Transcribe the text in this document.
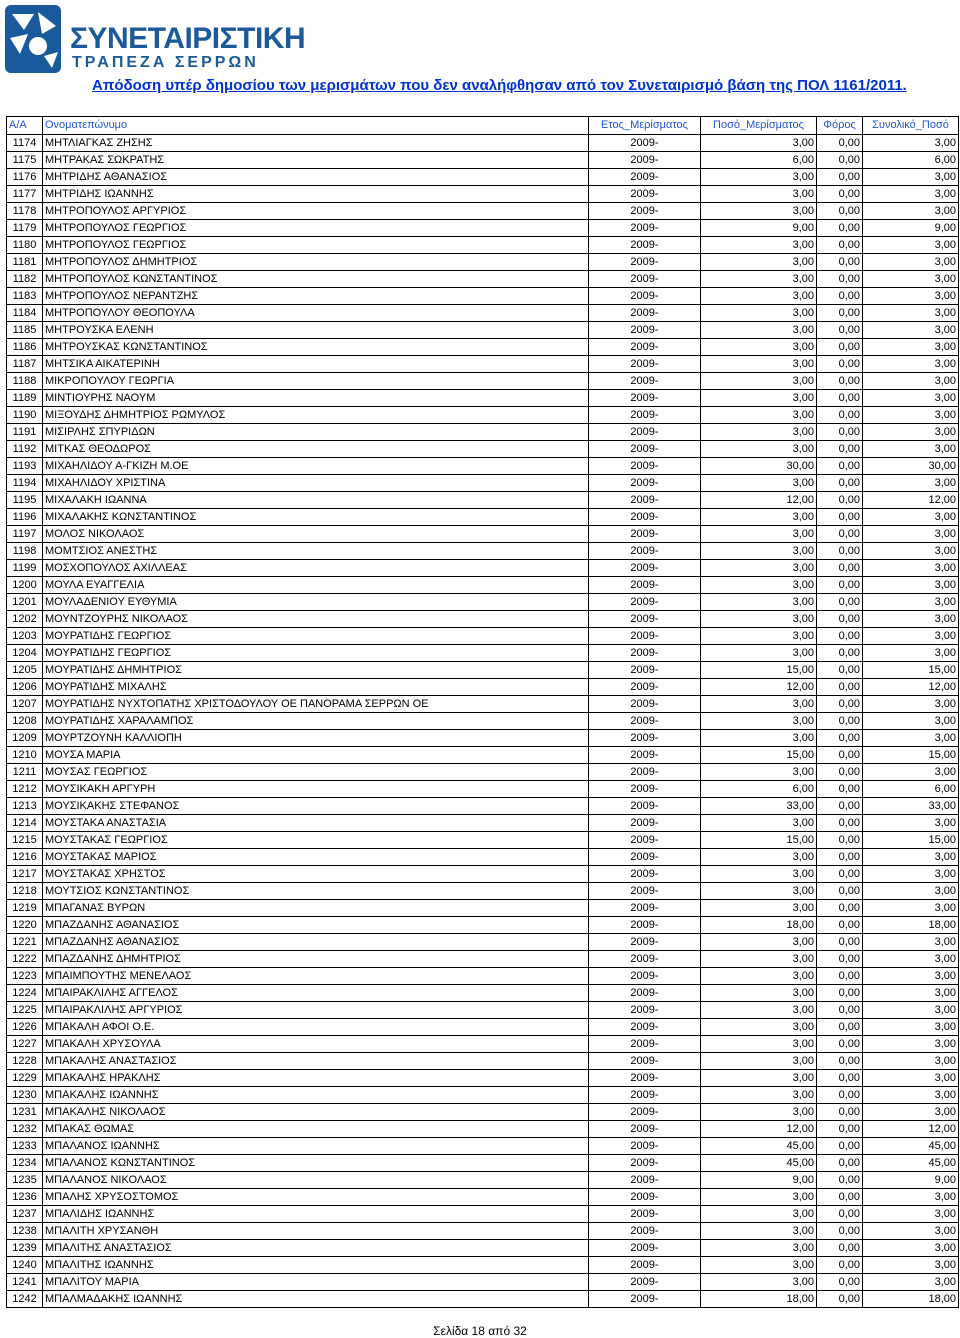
ΣΥΝΕΤΑΙΡΙΣΤΙΚΗ
ΤΡΑΠΕΖΑ ΣΕΡΡΩΝ
Απόδοση υπέρ δημοσίου των μερισμάτων που δεν αναλήφθησαν από τον Συνεταιρισμό βάση της ΠΟΛ 1161/2011.
Α/Α	Ονοματεπώνυμο	Ετος_Μερίσματος	Ποσό_Μερίσματος	Φόρος	Συνολικό_Ποσό
1174	ΜΗΤΛΙΑΓΚΑΣ ΖΗΣΗΣ	2009-	3,00	0,00	3,00
1175	ΜΗΤΡΑΚΑΣ ΣΩΚΡΑΤΗΣ	2009-	6,00	0,00	6,00
1176	ΜΗΤΡΙΔΗΣ ΑΘΑΝΑΣΙΟΣ	2009-	3,00	0,00	3,00
1177	ΜΗΤΡΙΔΗΣ ΙΩΑΝΝΗΣ	2009-	3,00	0,00	3,00
1178	ΜΗΤΡΟΠΟΥΛΟΣ ΑΡΓΥΡΙΟΣ	2009-	3,00	0,00	3,00
1179	ΜΗΤΡΟΠΟΥΛΟΣ ΓΕΩΡΓΙΟΣ	2009-	9,00	0,00	9,00
1180	ΜΗΤΡΟΠΟΥΛΟΣ ΓΕΩΡΓΙΟΣ	2009-	3,00	0,00	3,00
1181	ΜΗΤΡΟΠΟΥΛΟΣ ΔΗΜΗΤΡΙΟΣ	2009-	3,00	0,00	3,00
1182	ΜΗΤΡΟΠΟΥΛΟΣ ΚΩΝΣΤΑΝΤΙΝΟΣ	2009-	3,00	0,00	3,00
1183	ΜΗΤΡΟΠΟΥΛΟΣ ΝΕΡΑΝΤΖΗΣ	2009-	3,00	0,00	3,00
1184	ΜΗΤΡΟΠΟΥΛΟΥ ΘΕΟΠΟΥΛΑ	2009-	3,00	0,00	3,00
1185	ΜΗΤΡΟΥΣΚΑ ΕΛΕΝΗ	2009-	3,00	0,00	3,00
1186	ΜΗΤΡΟΥΣΚΑΣ ΚΩΝΣΤΑΝΤΙΝΟΣ	2009-	3,00	0,00	3,00
1187	ΜΗΤΣΙΚΑ ΑΙΚΑΤΕΡΙΝΗ	2009-	3,00	0,00	3,00
1188	ΜΙΚΡΟΠΟΥΛΟΥ ΓΕΩΡΓΙΑ	2009-	3,00	0,00	3,00
1189	ΜΙΝΤΙΟΥΡΗΣ ΝΑΟΥΜ	2009-	3,00	0,00	3,00
1190	ΜΙΞΟΥΔΗΣ ΔΗΜΗΤΡΙΟΣ ΡΩΜΥΛΟΣ	2009-	3,00	0,00	3,00
1191	ΜΙΣΙΡΛΗΣ ΣΠΥΡΙΔΩΝ	2009-	3,00	0,00	3,00
1192	ΜΙΤΚΑΣ ΘΕΟΔΩΡΟΣ	2009-	3,00	0,00	3,00
1193	ΜΙΧΑΗΛΙΔΟΥ Α-ΓΚΙΖΗ Μ.ΟΕ	2009-	30,00	0,00	30,00
1194	ΜΙΧΑΗΛΙΔΟΥ ΧΡΙΣΤΙΝΑ	2009-	3,00	0,00	3,00
1195	ΜΙΧΑΛΑΚΗ ΙΩΑΝΝΑ	2009-	12,00	0,00	12,00
1196	ΜΙΧΑΛΑΚΗΣ ΚΩΝΣΤΑΝΤΙΝΟΣ	2009-	3,00	0,00	3,00
1197	ΜΟΛΟΣ ΝΙΚΟΛΑΟΣ	2009-	3,00	0,00	3,00
1198	ΜΟΜΤΣΙΟΣ ΑΝΕΣΤΗΣ	2009-	3,00	0,00	3,00
1199	ΜΟΣΧΟΠΟΥΛΟΣ ΑΧΙΛΛΕΑΣ	2009-	3,00	0,00	3,00
1200	ΜΟΥΛΑ ΕΥΑΓΓΕΛΙΑ	2009-	3,00	0,00	3,00
1201	ΜΟΥΛΑΔΕΝΙΟΥ ΕΥΘΥΜΙΑ	2009-	3,00	0,00	3,00
1202	ΜΟΥΝΤΖΟΥΡΗΣ ΝΙΚΟΛΑΟΣ	2009-	3,00	0,00	3,00
1203	ΜΟΥΡΑΤΙΔΗΣ ΓΕΩΡΓΙΟΣ	2009-	3,00	0,00	3,00
1204	ΜΟΥΡΑΤΙΔΗΣ ΓΕΩΡΓΙΟΣ	2009-	3,00	0,00	3,00
1205	ΜΟΥΡΑΤΙΔΗΣ ΔΗΜΗΤΡΙΟΣ	2009-	15,00	0,00	15,00
1206	ΜΟΥΡΑΤΙΔΗΣ ΜΙΧΑΛΗΣ	2009-	12,00	0,00	12,00
1207	ΜΟΥΡΑΤΙΔΗΣ ΝΥΧΤΟΠΑΤΗΣ ΧΡΙΣΤΟΔΟΥΛΟΥ ΟΕ ΠΑΝΟΡΑΜΑ ΣΕΡΡΩΝ ΟΕ	2009-	3,00	0,00	3,00
1208	ΜΟΥΡΑΤΙΔΗΣ ΧΑΡΑΛΑΜΠΟΣ	2009-	3,00	0,00	3,00
1209	ΜΟΥΡΤΖΟΥΝΗ ΚΑΛΛΙΟΠΗ	2009-	3,00	0,00	3,00
1210	ΜΟΥΣΑ ΜΑΡΙΑ	2009-	15,00	0,00	15,00
1211	ΜΟΥΣΑΣ ΓΕΩΡΓΙΟΣ	2009-	3,00	0,00	3,00
1212	ΜΟΥΣΙΚΑΚΗ ΑΡΓΥΡΗ	2009-	6,00	0,00	6,00
1213	ΜΟΥΣΙΚΑΚΗΣ ΣΤΕΦΑΝΟΣ	2009-	33,00	0,00	33,00
1214	ΜΟΥΣΤΑΚΑ ΑΝΑΣΤΑΣΙΑ	2009-	3,00	0,00	3,00
1215	ΜΟΥΣΤΑΚΑΣ ΓΕΩΡΓΙΟΣ	2009-	15,00	0,00	15,00
1216	ΜΟΥΣΤΑΚΑΣ ΜΑΡΙΟΣ	2009-	3,00	0,00	3,00
1217	ΜΟΥΣΤΑΚΑΣ ΧΡΗΣΤΟΣ	2009-	3,00	0,00	3,00
1218	ΜΟΥΤΣΙΟΣ ΚΩΝΣΤΑΝΤΙΝΟΣ	2009-	3,00	0,00	3,00
1219	ΜΠΑΓΑΝΑΣ ΒΥΡΩΝ	2009-	3,00	0,00	3,00
1220	ΜΠΑΖΔΑΝΗΣ ΑΘΑΝΑΣΙΟΣ	2009-	18,00	0,00	18,00
1221	ΜΠΑΖΔΑΝΗΣ ΑΘΑΝΑΣΙΟΣ	2009-	3,00	0,00	3,00
1222	ΜΠΑΖΔΑΝΗΣ ΔΗΜΗΤΡΙΟΣ	2009-	3,00	0,00	3,00
1223	ΜΠΑΙΜΠΟΥΤΗΣ ΜΕΝΕΛΑΟΣ	2009-	3,00	0,00	3,00
1224	ΜΠΑΙΡΑΚΛΙΛΗΣ ΑΓΓΕΛΟΣ	2009-	3,00	0,00	3,00
1225	ΜΠΑΙΡΑΚΛΙΛΗΣ ΑΡΓΥΡΙΟΣ	2009-	3,00	0,00	3,00
1226	ΜΠΑΚΑΛΗ ΑΦΟΙ Ο.Ε.	2009-	3,00	0,00	3,00
1227	ΜΠΑΚΑΛΗ ΧΡΥΣΟΥΛΑ	2009-	3,00	0,00	3,00
1228	ΜΠΑΚΑΛΗΣ ΑΝΑΣΤΑΣΙΟΣ	2009-	3,00	0,00	3,00
1229	ΜΠΑΚΑΛΗΣ ΗΡΑΚΛΗΣ	2009-	3,00	0,00	3,00
1230	ΜΠΑΚΑΛΗΣ ΙΩΑΝΝΗΣ	2009-	3,00	0,00	3,00
1231	ΜΠΑΚΑΛΗΣ ΝΙΚΟΛΑΟΣ	2009-	3,00	0,00	3,00
1232	ΜΠΑΚΑΣ ΘΩΜΑΣ	2009-	12,00	0,00	12,00
1233	ΜΠΑΛΑΝΟΣ ΙΩΑΝΝΗΣ	2009-	45,00	0,00	45,00
1234	ΜΠΑΛΑΝΟΣ ΚΩΝΣΤΑΝΤΙΝΟΣ	2009-	45,00	0,00	45,00
1235	ΜΠΑΛΑΝΟΣ ΝΙΚΟΛΑΟΣ	2009-	9,00	0,00	9,00
1236	ΜΠΑΛΗΣ ΧΡΥΣΟΣΤΟΜΟΣ	2009-	3,00	0,00	3,00
1237	ΜΠΑΛΙΔΗΣ ΙΩΑΝΝΗΣ	2009-	3,00	0,00	3,00
1238	ΜΠΑΛΙΤΗ ΧΡΥΣΑΝΘΗ	2009-	3,00	0,00	3,00
1239	ΜΠΑΛΙΤΗΣ ΑΝΑΣΤΑΣΙΟΣ	2009-	3,00	0,00	3,00
1240	ΜΠΑΛΙΤΗΣ ΙΩΑΝΝΗΣ	2009-	3,00	0,00	3,00
1241	ΜΠΑΛΙΤΟΥ ΜΑΡΙΑ	2009-	3,00	0,00	3,00
1242	ΜΠΑΛΜΑΔΑΚΗΣ ΙΩΑΝΝΗΣ	2009-	18,00	0,00	18,00
Σελίδα 18 από 32
